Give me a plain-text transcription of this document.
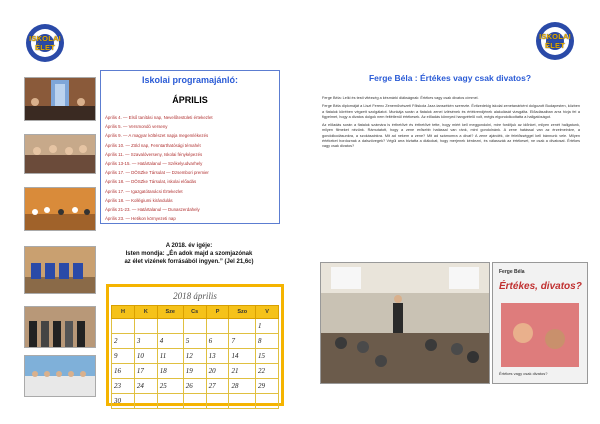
ISKOLAI ÉLET
Iskolai programajánló:
ÁPRILIS
Április 4. — Első tanítási nap, Nevelőtestületi értekezlet
Április 5. — Versmondó verseny
Április 9. — A magyar költészet napja megemlékezés
Április 10. — Zöld nap, Fenntarthatósági témahét
Április 11. — Szavalóverseny, Iskolai fényképezés
Április 13-15. — Határtalanul — Székelyudvarhely
Április 17. — DÖSZke Társulat — Dzsembori premier
Április 18. — DÖSZke Társulat, iskolai előadás
Április 17. — Igazgatótanácsi Értekezlet
Április 18. — Kollégiumi kirándulás
Április 21-23. — Határtalanul — Dunaszerdahely
Április 23. — Hetikon környezeti nap
A 2018. év igéje:
Isten mondja: „Én adok majd a szomjazónak
az élet vizének forrásából ingyen.” (Jel 21,6c)
2018 április
H	K	Sze	Cs	P	Szo	V
						1
2	3	4	5	6	7	8
9	10	11	12	13	14	15
16	17	18	19	20	21	22
23	24	25	26	27	28	29
30						
ISKOLAI ÉLET
Ferge Béla : Értékes vagy csak divatos?

Ferge Béla: Lelki és testi vitézség a késmárki diákságnak: Értékes vagy csak divatos címmel.

Ferge Béla diplomáját a Liszt Ferenc Zeneművészeti Főiskola Jazz-tanszékén szerezte. Évtizedekig iskolai zenetanárként dolgozott Budapesten, közben a fiatalok körében végzett szolgálatot. Munkája során a fiatalok zenei ízlésének és értékrendjének alakulását vizsgálta. Előadásaiban arra hívja fel a figyelmet, hogy a divatos dolgok nem feltétlenül értékesek. Az előadás könnyed hangvételű volt, mégis elgondolkodtatta a hallgatóságot.

Az előadás során a fiatalok számára is érthetővé és érthetővé tette, hogy miért kell meggondolni, mire fordítjuk az időnket, milyen zenét hallgatunk, milyen filmeket nézünk. Rámutatott, hogy a zene erősebb hatással van ránk, mint gondolnánk. A zene hatással van az érzelmeinkre, a gondolkodásunkra, a szokásainkra. Mit ad nekem a zene? Mit ad számomra a divat? A zene ajándék, de felelősséggel kell bánnunk vele. Milyen értékeket hordoznak a dalszövegek? Végül arra biztatta a diákokat, hogy merjenek kérdezni, és válasszák az értékeset, ne csak a divatosat. Értékes vagy csak divatos?

Ferge Béla
Értékes, divatos?
Értékes vagy csak divatos?
